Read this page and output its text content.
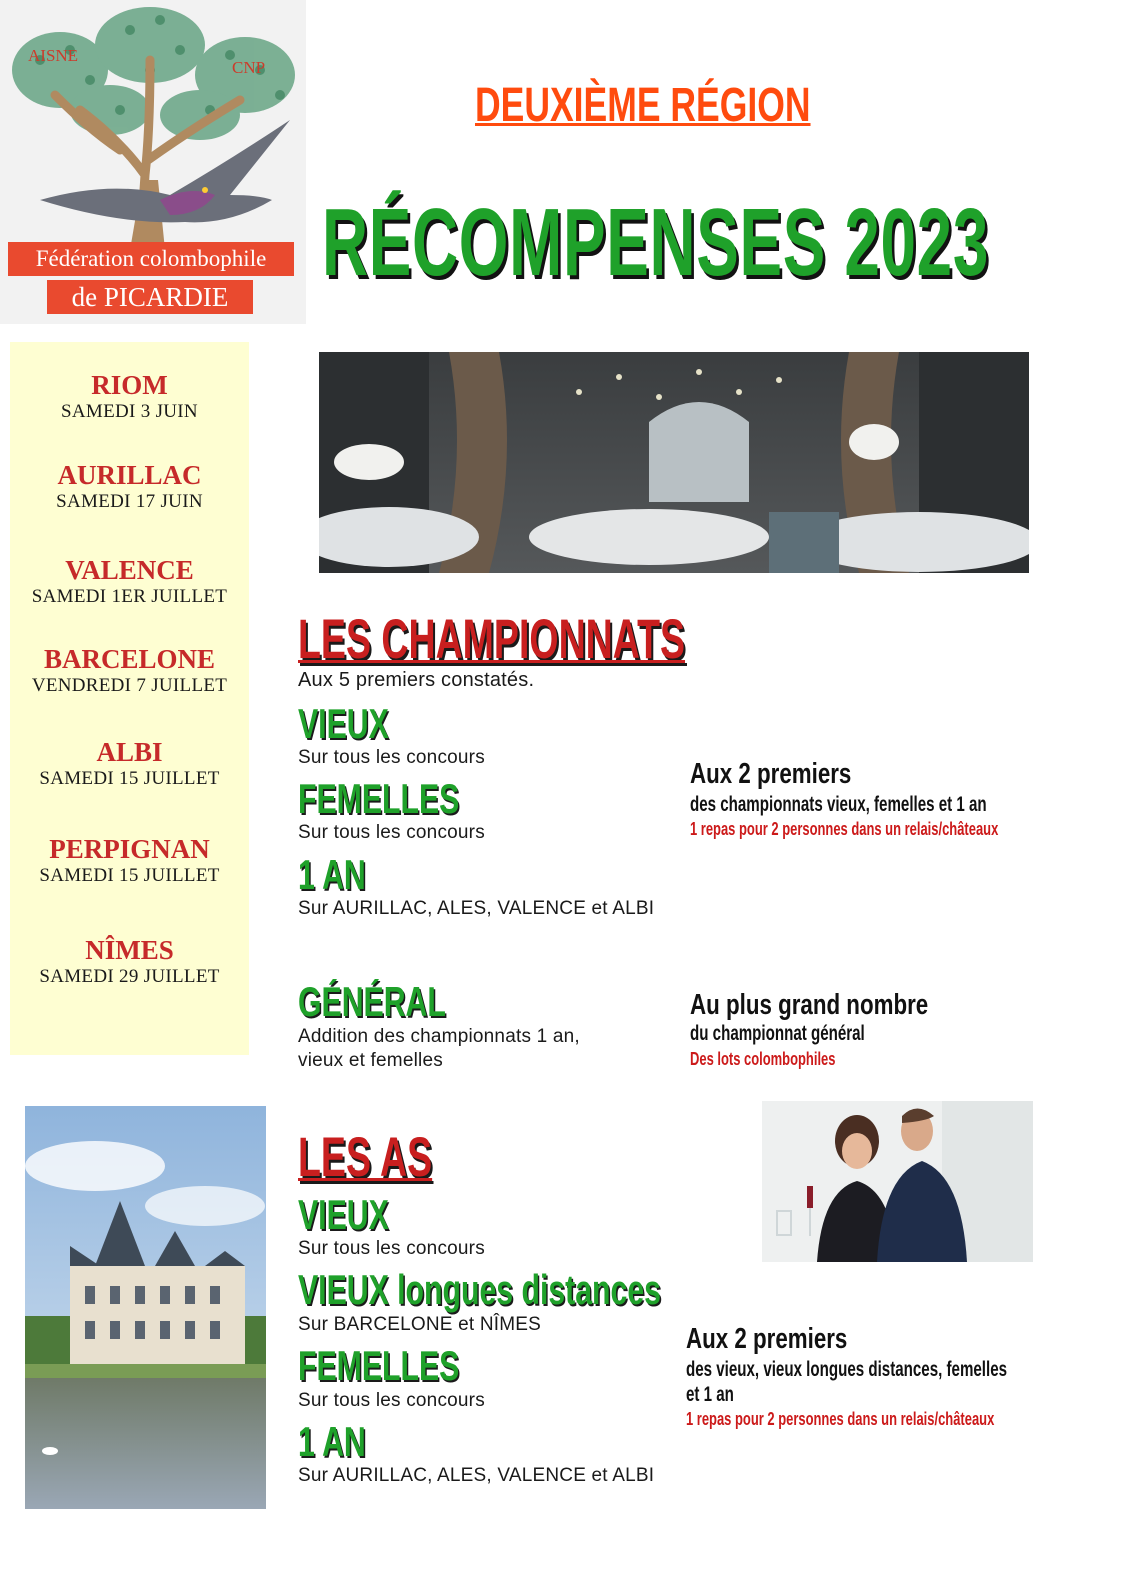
AISNE
CNP
Fédération colombophile
de PICARDIE
DEUXIÈME RÉGION
RÉCOMPENSES 2023
RIOM
SAMEDI 3 JUIN
AURILLAC
SAMEDI 17 JUIN
VALENCE
SAMEDI 1ER JUILLET
BARCELONE
VENDREDI 7 JUILLET
ALBI
SAMEDI 15 JUILLET
PERPIGNAN
SAMEDI 15 JUILLET
NÎMES
SAMEDI 29 JUILLET
LES CHAMPIONNATS
Aux 5 premiers constatés.
VIEUX
Sur tous les concours
FEMELLES
Sur tous les concours
1 AN
Sur AURILLAC, ALES, VALENCE et ALBI
Aux 2 premiers
des championnats vieux, femelles et 1 an
1 repas pour 2 personnes dans un relais/châteaux
GÉNÉRAL
Addition des championnats 1 an,
vieux et femelles
Au plus grand nombre
du championnat général
Des lots colombophiles
LES AS
VIEUX
Sur tous les concours
VIEUX longues distances
Sur BARCELONE et NÎMES
FEMELLES
Sur tous les concours
1 AN
Sur AURILLAC, ALES, VALENCE et ALBI
Aux 2 premiers
des vieux, vieux longues distances, femelles
et 1 an
1 repas pour 2 personnes dans un relais/châteaux
